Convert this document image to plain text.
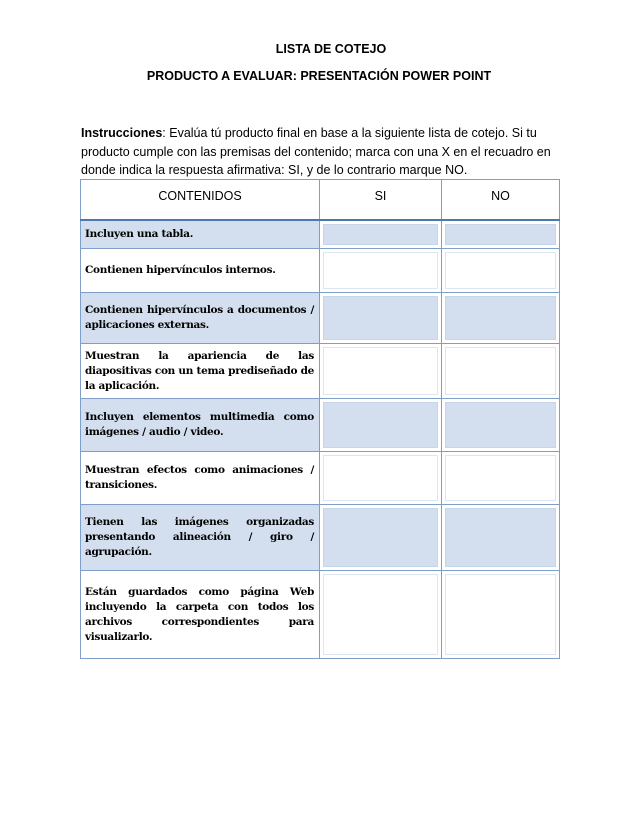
LISTA DE COTEJO
PRODUCTO A EVALUAR: PRESENTACIÓN POWER POINT
Instrucciones: Evalúa tú producto final en base a la siguiente lista de cotejo. Si tu producto cumple con las premisas del contenido; marca con una X en el recuadro en donde indica la respuesta afirmativa: SI, y de lo contrario marque NO.
CONTENIDOS	SI	NO

Incluyen una tabla.		

Contienen hipervínculos internos.		

Contienen hipervínculos a documentos / aplicaciones externas.		

Muestran la apariencia de las diapositivas con un tema prediseñado de la aplicación.		

Incluyen elementos multimedia como imágenes / audio / video.		

Muestran efectos como animaciones / transiciones.		

Tienen las imágenes organizadas presentando alineación / giro / agrupación.		

Están guardados como página Web incluyendo la carpeta con todos los archivos correspondientes para visualizarlo.		
